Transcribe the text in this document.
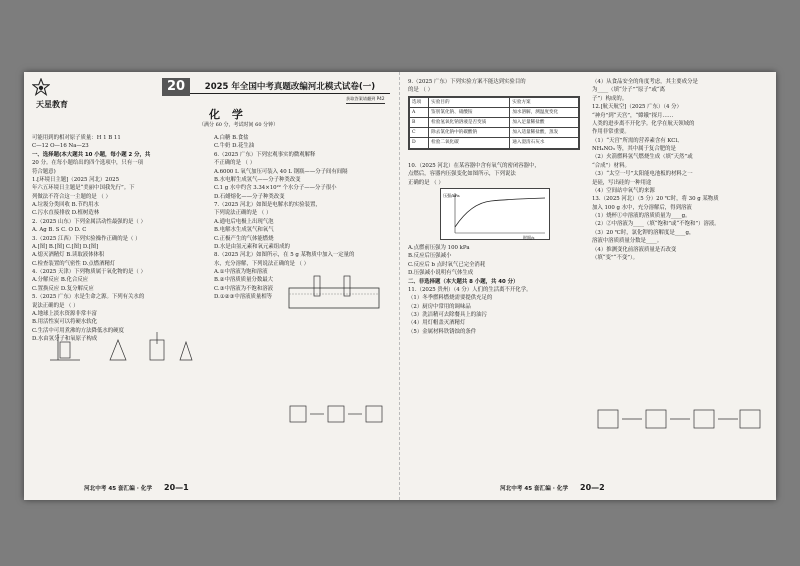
天星教育
20	2025 年全国中考真题改编河北模式试卷(一)
获取答案请翻到 P42
化 学
（满分 60 分，考试时间 60 分钟）
可能用到的相对原子质量：H 1 B 11
C—12 O—16 Na—23
一、选择题(本大题共 10 小题，每小题 2 分，共
20 分。在每小题给出的四个选项中，只有一项
符合题意)
1.[环境日主题]（2025 河北）2025
年六五环境日主题是“美丽中国我先行”。下
列做法不符合这一主题的是 （ ）
A.垃圾分类回收 B.节约用水
C.污水直接排放 D.植树造林
2.（2025 山东）下列金属活动性最强的是（ ）
A. Ag B. S C. O D. C
3.（2025 江西）下列实验操作正确的是（ ）
A.[图] B.[图] C.[图] D.[图]
A.熄灭酒精灯 B.读取液体体积
C.检查装置的气密性 D.点燃酒精灯
4.（2025 天津）下列物质属于氧化物的是（ ）
A.分解反应 B.化合反应
C.置换反应 D.复分解反应
5.（2025 广东）水是生命之源。下列有关水的
说法正确的是 （ ）
A.地球上淡水资源非常丰富
B.用活性炭可以将硬水软化
C.生活中可用煮沸的方法降低水的硬度
D.水由氢分子和氧原子构成
A.白糖 B.食盐
C.牛奶 D.花生油
6.（2025 广东）下列宏观事实的微观解释
不正确的是 （ ）
A.6000 L 氧气加压可装入 40 L 钢瓶——分子间有间隔
B.水电解生成氢气——分子种类改变
C.1 g 水中约含 3.34×10²² 个水分子——分子很小
D.石蜡熔化——分子种类改变
7.（2025 河北）如图是电解水的实验装置，
下列说法正确的是 （ ）
A.通电后电极上出现气泡
B.电解水生成氢气和氧气
C.正极产生的气体能燃烧
D.水是由氢元素和氧元素组成的
8.（2025 河北）如图所示，在 5 g 某物质中加入一定量的
水，充分溶解，下列说法正确的是 （ ）
A.①中溶液为饱和溶液
B.②中溶质质量分数最大
C.③中溶液为不饱和溶液
D.①②③中溶液质量相等
河北中考 45 套汇编 · 化学 20—1
9.（2025 广东）下列实验方案不能达到实验目的
的是 （ ）
选项	实验目的	实验方案
A	鉴别氯化钠、硝酸铵	加水溶解，测温度变化
B	检验氢氧化钠溶液是否变质	加入足量稀盐酸
C	除去氯化钠中的碳酸钠	加入适量稀盐酸，蒸发
D	检验二氧化碳	通入澄清石灰水
10.（2025 河北）在某容器中含有氧气的密闭容器中，
点燃后，容器内压强变化如图所示，下列说法
正确的是 （ ）
压强/kPa
时间/s
A.点燃前压强为 100 kPa
B.反应后压强减小
C.反应后 b 点时氧气已完全消耗
D.压强减小说明有气体生成
二、非选择题（本大题共 8 小题，共 40 分）
11.（2025 贵州）（4 分）人们的生活离不开化学。
（1）冬季燃料燃烧需要提供充足的
（2）厨房中常用的调味品
（3）洗洁精可去除餐具上的油污
（4）用灯帽盖灭酒精灯
（5）金属材料铁锈蚀的条件
（4）从食品安全的角度考虑，其主要成分是
为____（填“分子”“原子”或“离
子”）构成的。
12.[航天航空]（2025 广东）（4 分）
“神舟”到“天宫”，“嫦娥”探月……
人类的进步离不开化学。化学在航天领域的
作用非常重要。
（1）“天宫”所需的营养素含有 KCl、
NH₄NO₃ 等，其中属于复合肥的是
（2）火箭燃料氢气燃烧生成（填“天然”或
“合成”）材料。
（3）“太空一号”太阳能电池板的材料之一
是硅，写出硅的一种用途
（4）空间站中氧气的来源
13.（2025 河北）（5 分）20 ℃时，将 30 g 某物质
加入 100 g 水中，充分溶解后，得到溶液
（1）烧杯①中溶液的溶质质量为____g。
（2）②中溶液为____（填“饱和”或“不饱和”）溶液。
（3）20 ℃时，氯化钾的溶解度是____g，
溶液中溶质质量分数是____。
（4）推测变化前溶液质量是否改变
（填“变”“不变”）。
河北中考 45 套汇编 · 化学 20—2
